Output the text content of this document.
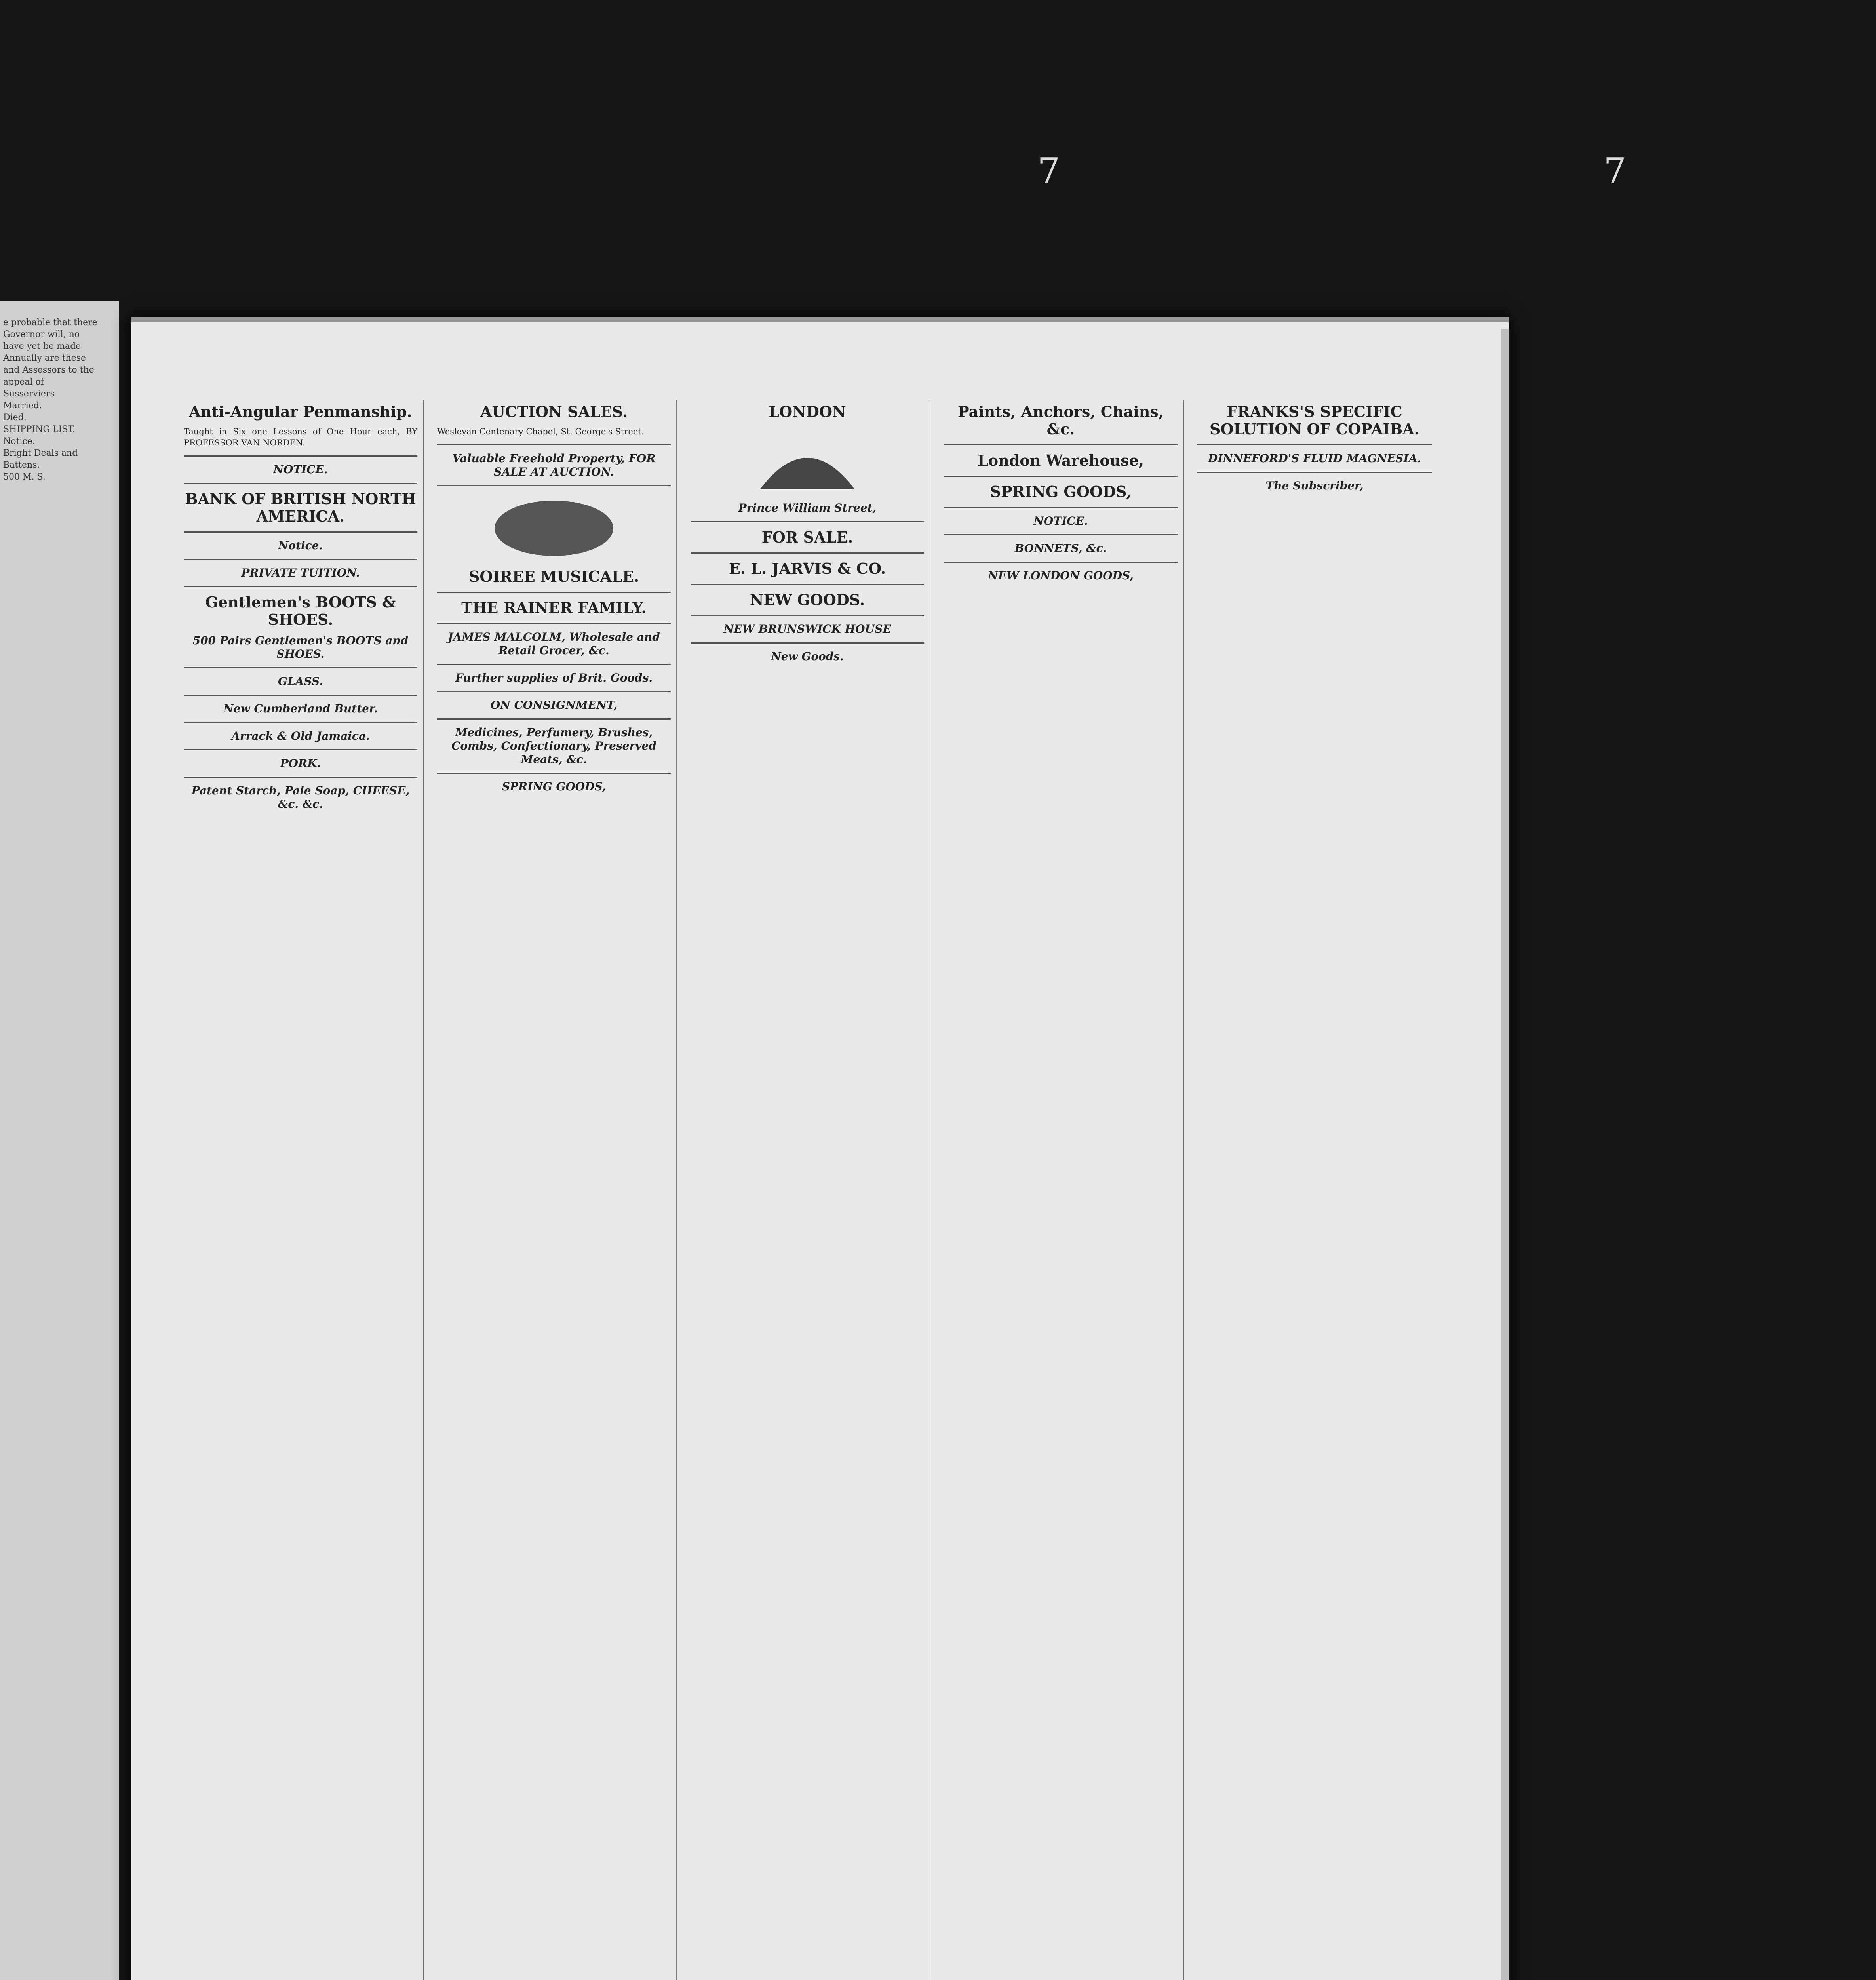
7	7
e probable that there
Governor will, no
have yet be made
Annually are these
and Assessors to the
appeal of
Susserviers
Married.
Died.
SHIPPING LIST.
Notice.
Bright Deals and Battens.
500 M. S.
Anti-Angular Penmanship.

Taught in Six one Lessons of One Hour each, BY PROFESSOR VAN NORDEN.

NOTICE.
BANK OF BRITISH NORTH AMERICA.
Notice.
PRIVATE TUITION.
Gentlemen's BOOTS & SHOES.
500 Pairs Gentlemen's BOOTS and SHOES.
GLASS.
New Cumberland Butter.
Arrack & Old Jamaica.
PORK.
Patent Starch, Pale Soap, CHEESE, &c. &c.
AUCTION SALES.

Wesleyan Centenary Chapel, St. George's Street.

Valuable Freehold Property, FOR SALE AT AUCTION.
SOIREE MUSICALE.
THE RAINER FAMILY.
JAMES MALCOLM, Wholesale and Retail Grocer, &c.
Further supplies of Brit. Goods.
ON CONSIGNMENT,
Medicines, Perfumery, Brushes, Combs, Confectionary, Preserved Meats, &c.
SPRING GOODS,
LONDON
Prince William Street,
FOR SALE.
E. L. JARVIS & CO.
NEW GOODS.
NEW BRUNSWICK HOUSE
New Goods.
Paints, Anchors, Chains, &c.
London Warehouse,
SPRING GOODS,
NOTICE.
BONNETS, &c.
NEW LONDON GOODS,
FRANKS'S SPECIFIC SOLUTION OF COPAIBA.
DINNEFORD'S FLUID MAGNESIA.
The Subscriber,
